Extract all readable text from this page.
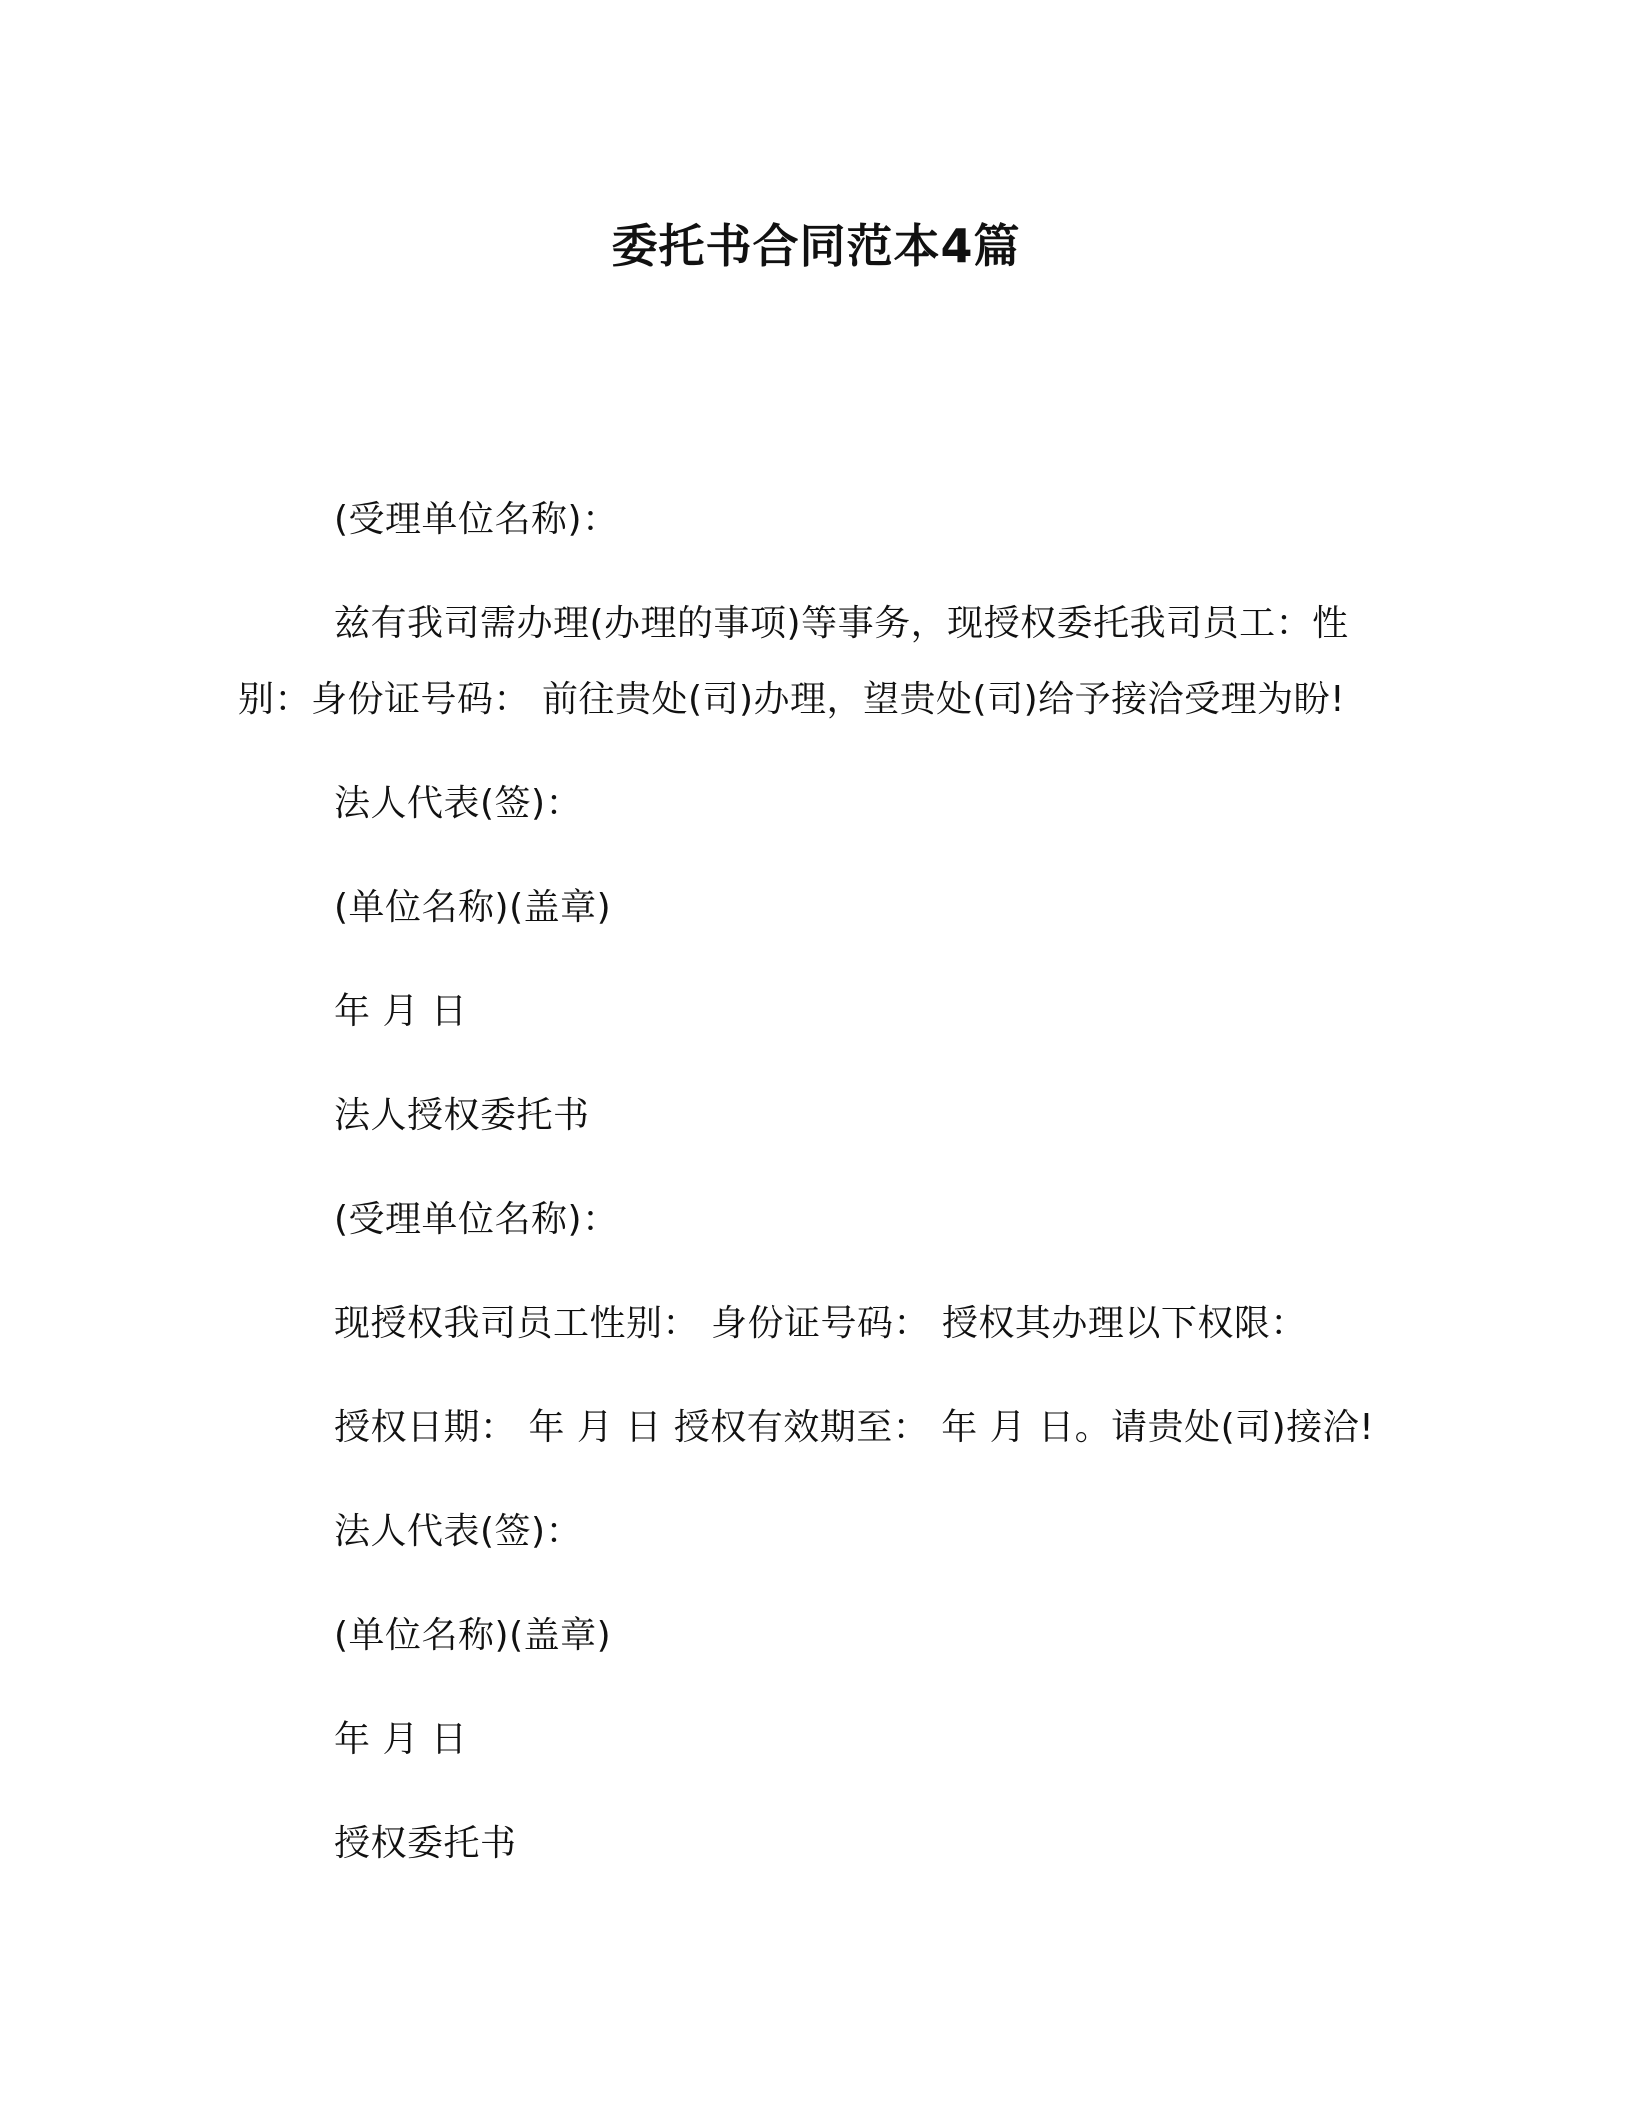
委托书合同范本4篇
(受理单位名称)：
兹有我司需办理(办理的事项)等事务，现授权委托我司员工：性
别：身份证号码： 前往贵处(司)办理，望贵处(司)给予接洽受理为盼!
法人代表(签)：
(单位名称)(盖章)
年 月 日
法人授权委托书
(受理单位名称)：
现授权我司员工性别： 身份证号码： 授权其办理以下权限：
授权日期： 年 月 日 授权有效期至： 年 月 日。请贵处(司)接洽!
法人代表(签)：
(单位名称)(盖章)
年 月 日
授权委托书
